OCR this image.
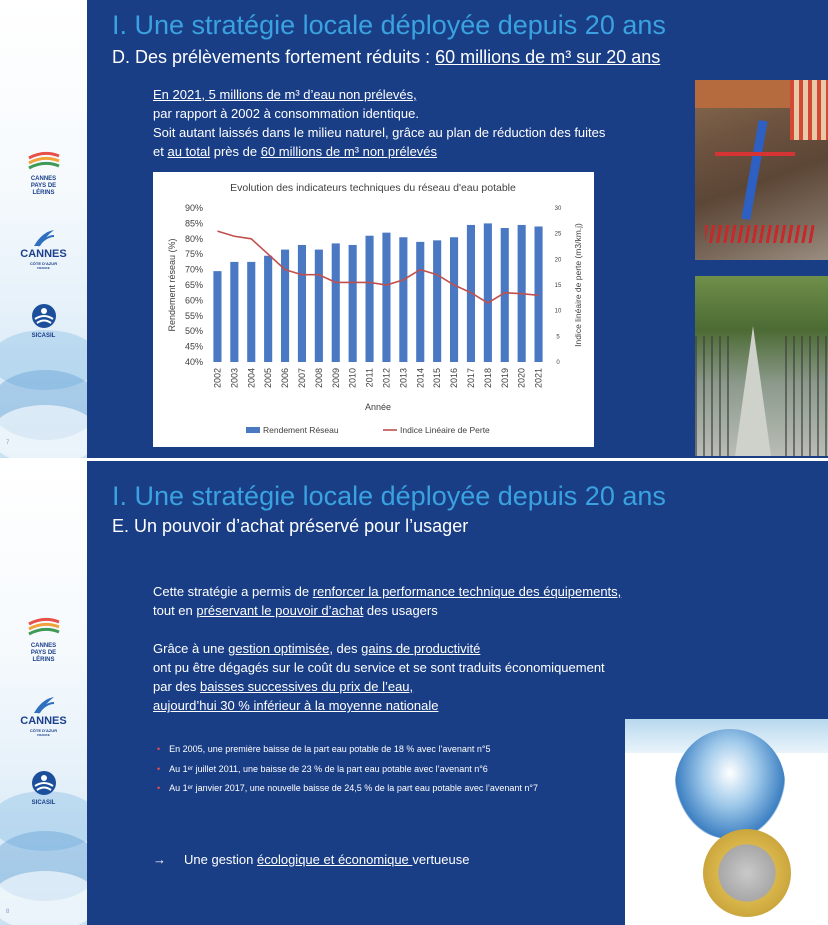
CANNES
PAYS DE
LÉRINS
CANNES
CÔTE D'AZUR
FRANCE
SICASIL
7
I. Une stratégie locale déployée depuis 20 ans
D. Des prélèvements fortement réduits : 60 millions de m³ sur 20 ans
En 2021, 5 millions de m³ d’eau non prélevés,
par rapport à 2002 à consommation identique.
Soit autant laissés dans le milieu naturel, grâce au plan de réduction des fuites
et au total près de 60 millions de m³ non prélevés
Evolution des indicateurs techniques du réseau d'eau potable
40%
45%
50%
55%
60%
65%
70%
75%
80%
85%
90%
0
5
10
15
20
25
30
2002 2003 2004 2005 2006 2007 2008 2009 2010 2011 2012 2013 2014 2015 2016 2017 2018 2019 2020 2021
Année
Rendement réseau (%)	Indice linéaire de perte (m3/km.j)
Rendement Réseau	Indice Linéaire de Perte
CANNES
PAYS DE
LÉRINS
CANNES
CÔTE D'AZUR
FRANCE
SICASIL
8
I. Une stratégie locale déployée depuis 20 ans
E. Un pouvoir d’achat préservé pour l’usager
Cette stratégie a permis de renforcer la performance technique des équipements,
tout en préservant le pouvoir d’achat des usagers
Grâce à une gestion optimisée, des gains de productivité
ont pu être dégagés sur le coût du service et se sont traduits économiquement
par des baisses successives du prix de l’eau,
aujourd’hui 30 % inférieur à la moyenne nationale
• En 2005, une première baisse de la part eau potable de 18 % avec l’avenant n°5
• Au 1ᵉʳ juillet 2011, une baisse de 23 % de la part eau potable avec l’avenant n°6
• Au 1ᵉʳ janvier 2017, une nouvelle baisse de 24,5 % de la part eau potable avec l’avenant n°7
→ Une gestion écologique et économique vertueuse
